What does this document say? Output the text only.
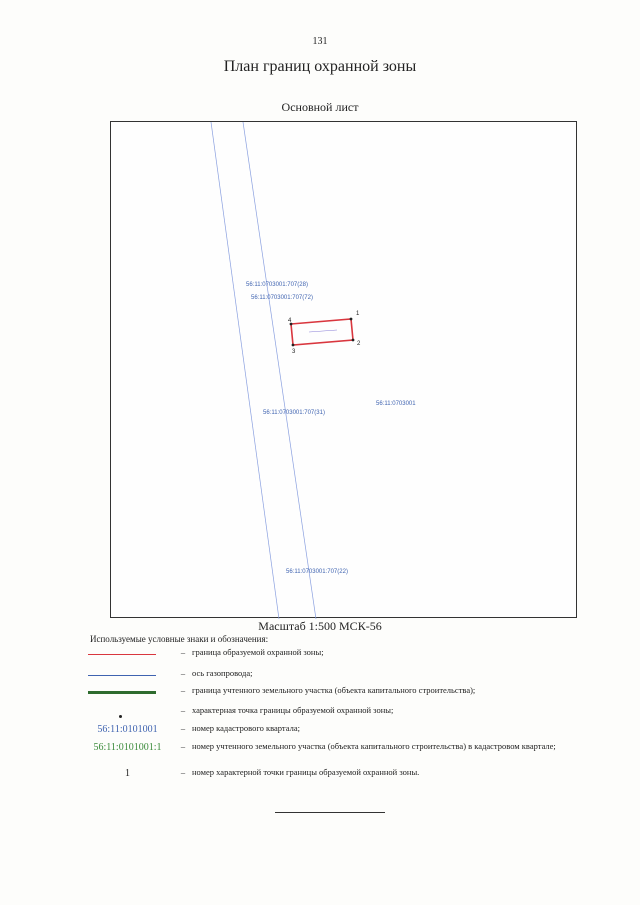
131
План границ охранной зоны
Основной лист
1
2
3
4
56:11:0703001:707(28)
56:11:0703001:707(72)
56:11:0703001:707(31)
56:11:0703001
56:11:0703001:707(22)
Масштаб 1:500 МСК-56
Используемые условные знаки и обозначения:
– граница образуемой охранной зоны;
– ось газопровода;
– граница учтенного земельного участка (объекта капитального строительства);
– характерная точка границы образуемой охранной зоны;
56:11:0101001	– номер кадастрового квартала;
56:11:0101001:1	– номер учтенного земельного участка (объекта капитального строительства) в кадастровом квартале;
1	– номер характерной точки границы образуемой охранной зоны.
